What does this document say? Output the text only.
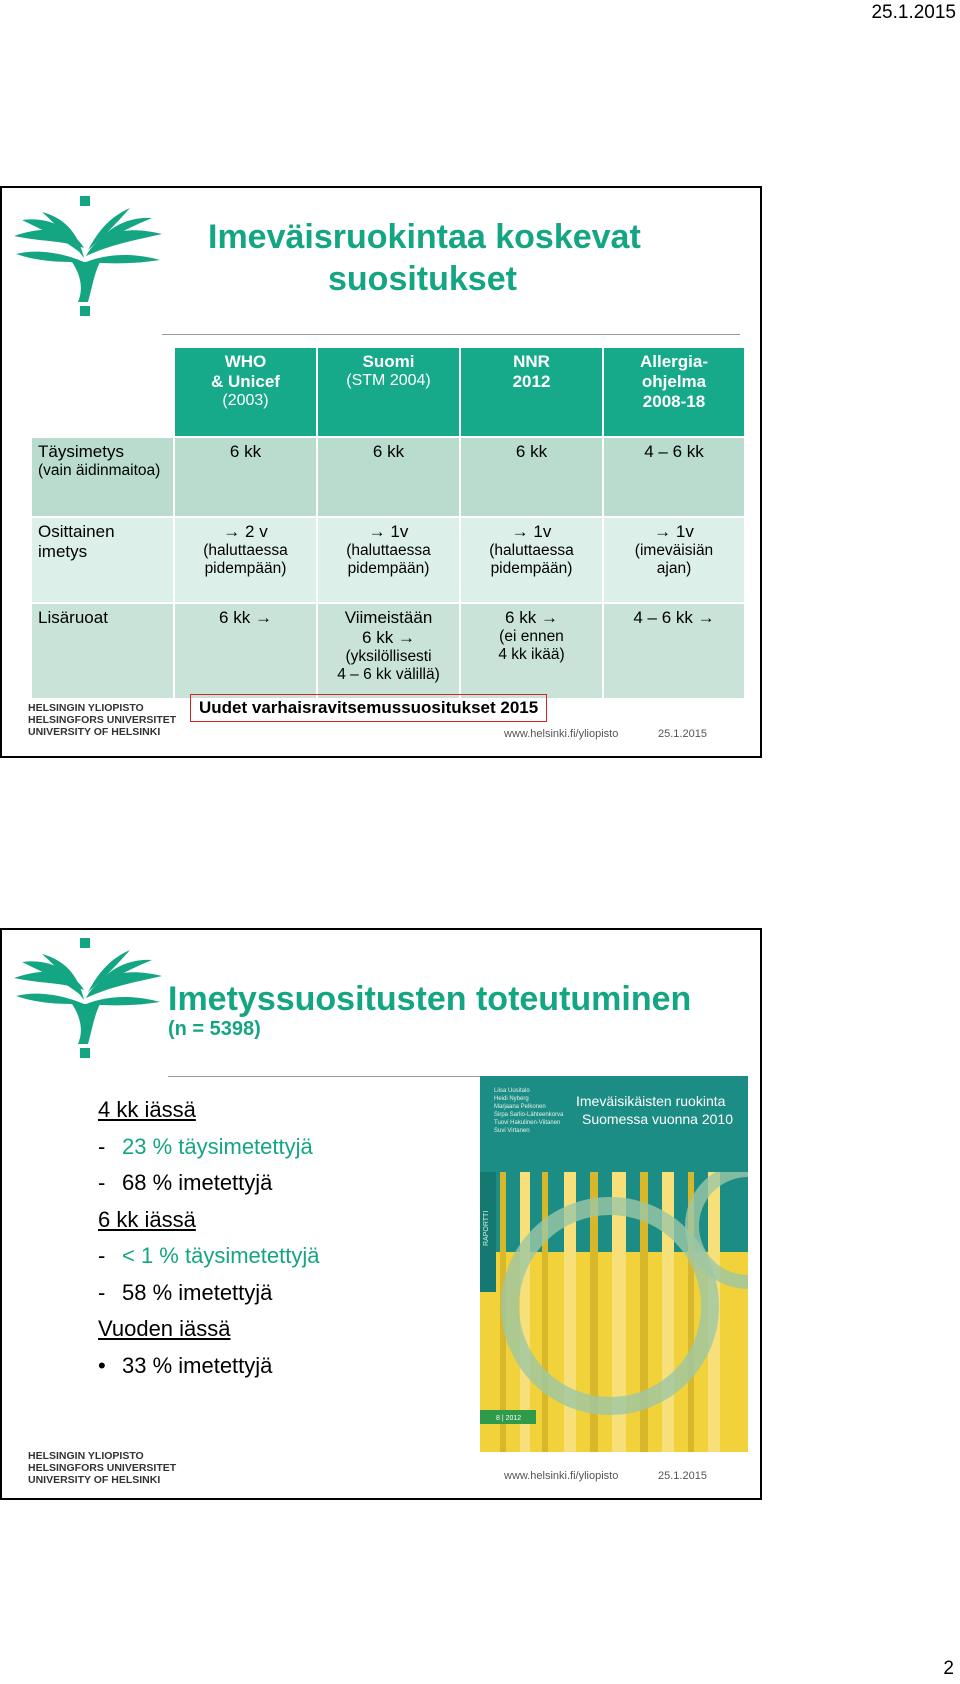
25.1.2015
Imeväisruokintaa koskevat
suositukset
	WHO
& Unicef
(2003)	Suomi
(STM 2004)	NNR
2012	Allergia-
ohjelma
2008-18
Täysimetys
(vain äidinmaitoa)	6 kk	6 kk	6 kk	4 – 6 kk
Osittainen
imetys	→ 2 v
(haluttaessa
pidempään)	→ 1v
(haluttaessa
pidempään)	→ 1v
(haluttaessa
pidempään)	→ 1v
(imeväisiän
ajan)

Lisäruoat	6 kk →	Viimeistään
6 kk →
(yksilöllisesti
4 – 6 kk välillä)	6 kk →
(ei ennen
4 kk ikää)	4 – 6 kk →
Uudet varhaisravitsemussuositukset 2015
HELSINGIN YLIOPISTO
HELSINGFORS UNIVERSITET
UNIVERSITY OF HELSINKI	www.helsinki.fi/yliopisto	25.1.2015
Imetyssuositusten toteutuminen
(n = 5398)
4 kk iässä
- 23 % täysimetettyjä
- 68 % imetettyjä
6 kk iässä
- < 1 % täysimetettyjä
- 58 % imetettyjä
Vuoden iässä
• 33 % imetettyjä
RAPORTTI
Liisa Uusitalo
Heidi Nyberg
Marjaana Pelkonen
Sirpa Sarlio-Lähteenkorva
Tuovi Hakulinen-Viitanen
Suvi Virtanen
Imeväisikäisten ruokinta
Suomessa vuonna 2010
8 | 2012
HELSINGIN YLIOPISTO
HELSINGFORS UNIVERSITET
UNIVERSITY OF HELSINKI	www.helsinki.fi/yliopisto	25.1.2015
2
